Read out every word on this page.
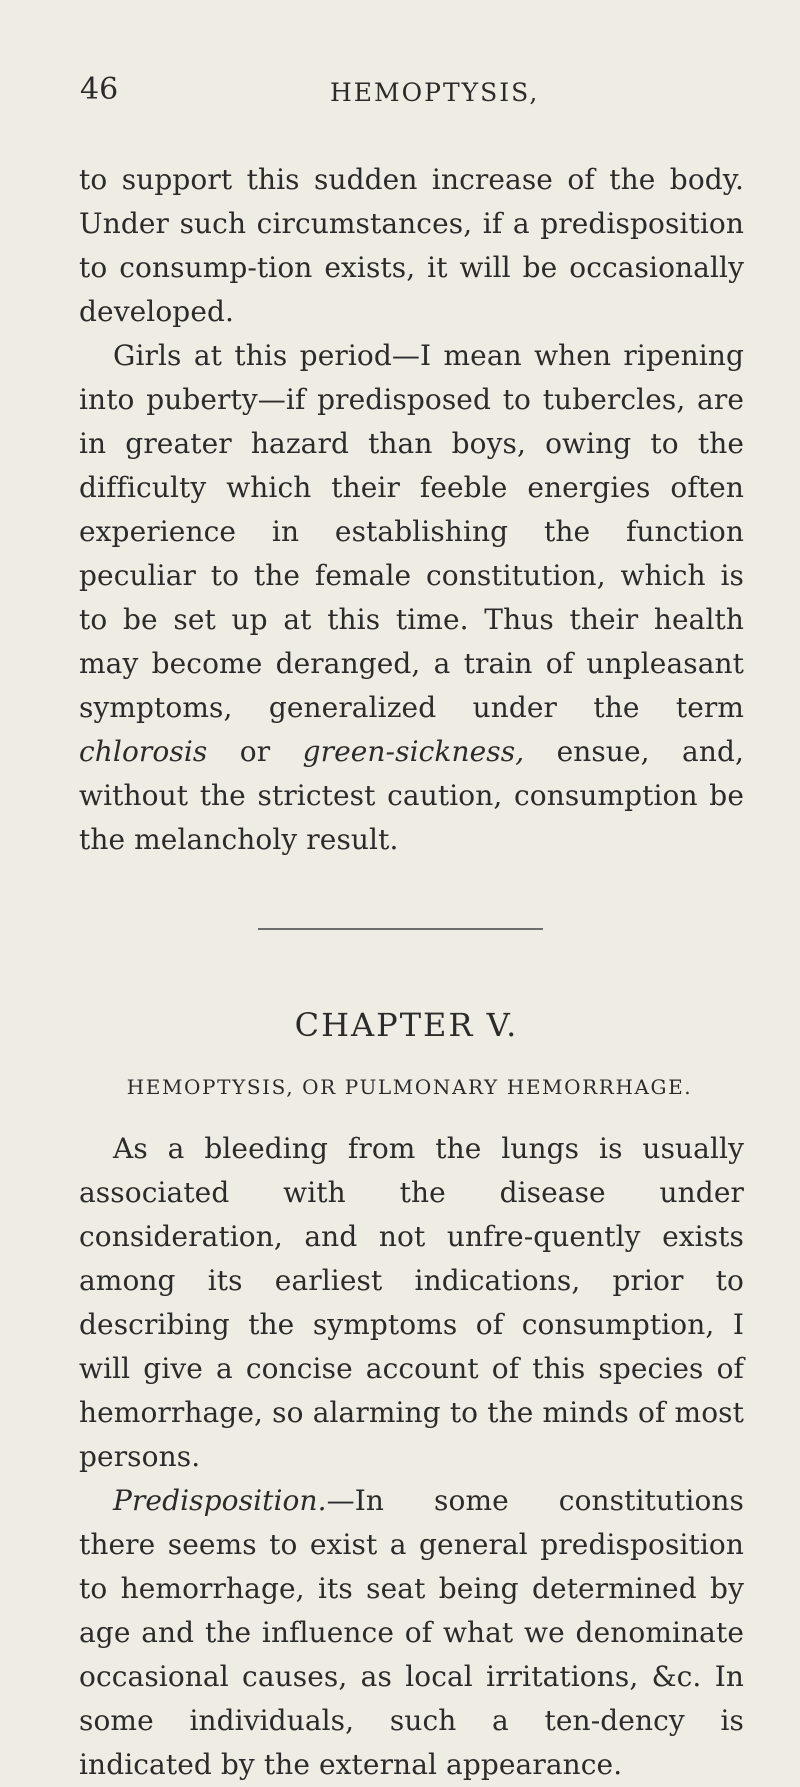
46	HEMOPTYSIS,

to support this sudden increase of the body. Under such circumstances, if a predisposition to consump-tion exists, it will be occasionally developed.

Girls at this period—I mean when ripening into puberty—if predisposed to tubercles, are in greater hazard than boys, owing to the difficulty which their feeble energies often experience in establishing the function peculiar to the female constitution, which is to be set up at this time. Thus their health may become deranged, a train of unpleasant symptoms, generalized under the term chlorosis or green-sickness, ensue, and, without the strictest caution, consumption be the melancholy result.

CHAPTER V.
HEMOPTYSIS, OR PULMONARY HEMORRHAGE.

As a bleeding from the lungs is usually associated with the disease under consideration, and not unfre-quently exists among its earliest indications, prior to describing the symptoms of consumption, I will give a concise account of this species of hemorrhage, so alarming to the minds of most persons.

Predisposition.—In some constitutions there seems to exist a general predisposition to hemorrhage, its seat being determined by age and the influence of what we denominate occasional causes, as local irritations, &c. In some individuals, such a ten-dency is indicated by the external appearance.
